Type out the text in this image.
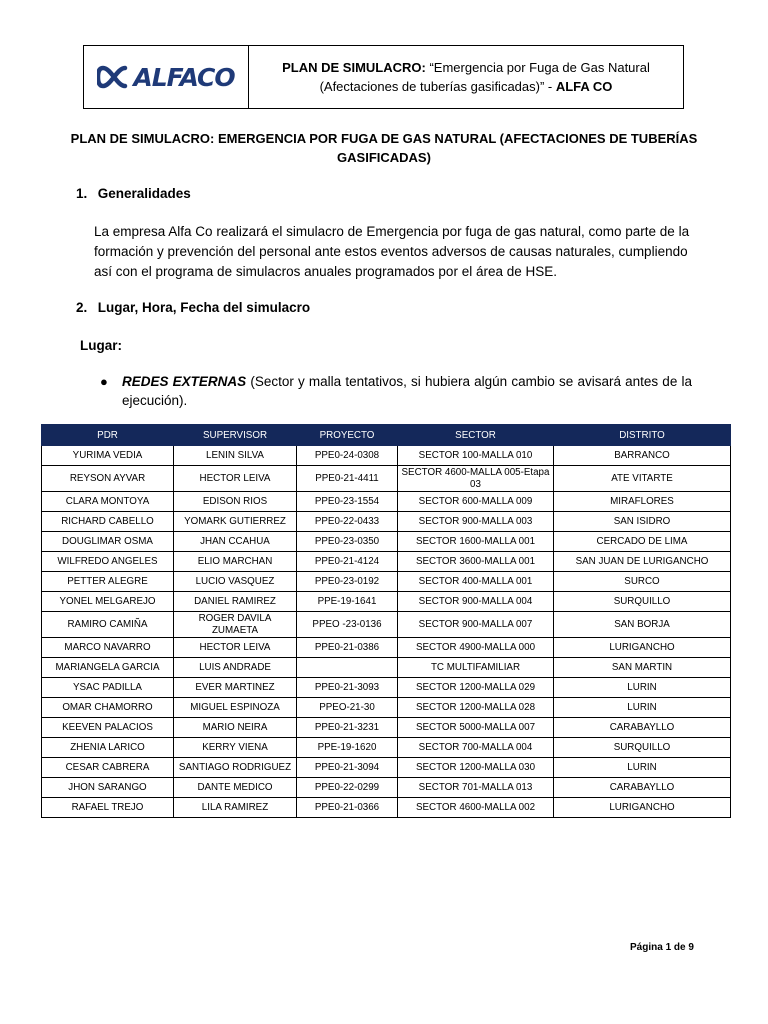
ALFACO	PLAN DE SIMULACRO: “Emergencia por Fuga de Gas Natural
(Afectaciones de tuberías gasificadas)” - ALFA CO
PLAN DE SIMULACRO: EMERGENCIA POR FUGA DE GAS NATURAL (AFECTACIONES DE TUBERÍAS GASIFICADAS)
1. Generalidades
La empresa Alfa Co realizará el simulacro de Emergencia por fuga de gas natural, como parte de la formación y prevención del personal ante estos eventos adversos de causas naturales, cumpliendo así con el programa de simulacros anuales programados por el área de HSE.
2. Lugar, Hora, Fecha del simulacro
Lugar:
●	REDES EXTERNAS (Sector y malla tentativos, si hubiera algún cambio se avisará antes de la ejecución).
PDR	SUPERVISOR	PROYECTO	SECTOR	DISTRITO
YURIMA VEDIA	LENIN SILVA	PPE0-24-0308	SECTOR 100-MALLA 010	BARRANCO
REYSON AYVAR	HECTOR LEIVA	PPE0-21-4411	SECTOR 4600-MALLA 005-Etapa 03	ATE VITARTE
CLARA MONTOYA	EDISON RIOS	PPE0-23-1554	SECTOR 600-MALLA 009	MIRAFLORES
RICHARD CABELLO	YOMARK GUTIERREZ	PPE0-22-0433	SECTOR 900-MALLA 003	SAN ISIDRO
DOUGLIMAR OSMA	JHAN CCAHUA	PPE0-23-0350	SECTOR 1600-MALLA 001	CERCADO DE LIMA
WILFREDO ANGELES	ELIO MARCHAN	PPE0-21-4124	SECTOR 3600-MALLA 001	SAN JUAN DE LURIGANCHO
PETTER ALEGRE	LUCIO VASQUEZ	PPE0-23-0192	SECTOR 400-MALLA 001	SURCO
YONEL MELGAREJO	DANIEL RAMIREZ	PPE-19-1641	SECTOR 900-MALLA 004	SURQUILLO
RAMIRO CAMIÑA	ROGER DAVILA ZUMAETA	PPEO -23-0136	SECTOR 900-MALLA 007	SAN BORJA
MARCO NAVARRO	HECTOR LEIVA	PPE0-21-0386	SECTOR 4900-MALLA 000	LURIGANCHO
MARIANGELA GARCIA	LUIS ANDRADE		TC MULTIFAMILIAR	SAN MARTIN
YSAC PADILLA	EVER MARTINEZ	PPE0-21-3093	SECTOR 1200-MALLA 029	LURIN
OMAR CHAMORRO	MIGUEL ESPINOZA	PPEO-21-30	SECTOR 1200-MALLA 028	LURIN
KEEVEN PALACIOS	MARIO NEIRA	PPE0-21-3231	SECTOR 5000-MALLA 007	CARABAYLLO
ZHENIA LARICO	KERRY VIENA	PPE-19-1620	SECTOR 700-MALLA 004	SURQUILLO
CESAR CABRERA	SANTIAGO RODRIGUEZ	PPE0-21-3094	SECTOR 1200-MALLA 030	LURIN
JHON SARANGO	DANTE MEDICO	PPE0-22-0299	SECTOR 701-MALLA 013	CARABAYLLO
RAFAEL TREJO	LILA RAMIREZ	PPE0-21-0366	SECTOR 4600-MALLA 002	LURIGANCHO
Página 1 de 9
